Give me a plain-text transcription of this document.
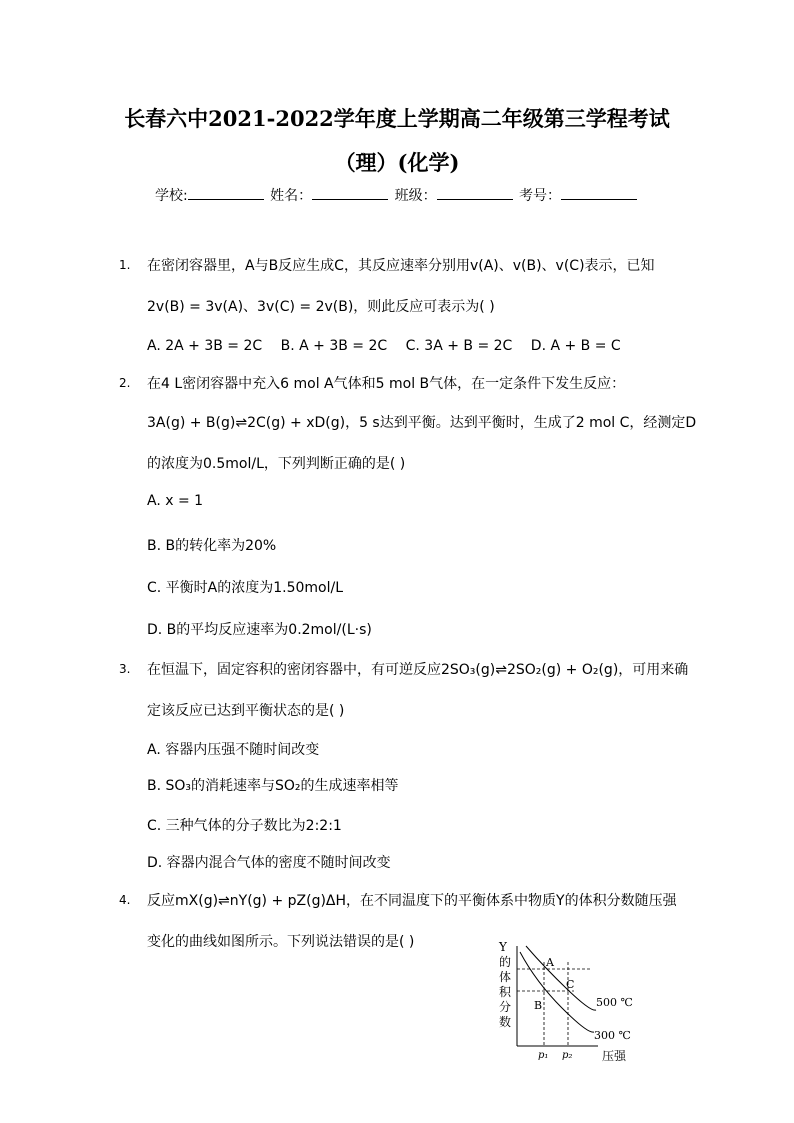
长春六中2021-2022学年度上学期高二年级第三学程考试
（理）(化学)
学校:	姓名：	班级：	考号：
1. 在密闭容器里，A与B反应生成C，其反应速率分别用v(A)、v(B)、v(C)表示，已知
2v(B) = 3v(A)、3v(C) = 2v(B)，则此反应可表示为( )
A. 2A + 3B = 2C B. A + 3B = 2C C. 3A + B = 2C D. A + B = C
2. 在4 L密闭容器中充入6 mol A气体和5 mol B气体，在一定条件下发生反应：
3A(g) + B(g)⇌2C(g) + xD(g)，5 s达到平衡。达到平衡时，生成了2 mol C，经测定D
的浓度为0.5mol/L，下列判断正确的是( )
A. x = 1
B. B的转化率为20%
C. 平衡时A的浓度为1.50mol/L
D. B的平均反应速率为0.2mol/(L·s)
3. 在恒温下，固定容积的密闭容器中，有可逆反应2SO₃(g)⇌2SO₂(g) + O₂(g)，可用来确
定该反应已达到平衡状态的是( )
A. 容器内压强不随时间改变
B. SO₃的消耗速率与SO₂的生成速率相等
C. 三种气体的分子数比为2:2:1
D. 容器内混合气体的密度不随时间改变
4. 反应mX(g)⇌nY(g) + pZ(g)ΔH，在不同温度下的平衡体系中物质Y的体积分数随压强
变化的曲线如图所示。下列说法错误的是( )	Y
的
体
积
分
数
A
B
C
500 ℃
300 ℃
p₁ p₂ 压强
